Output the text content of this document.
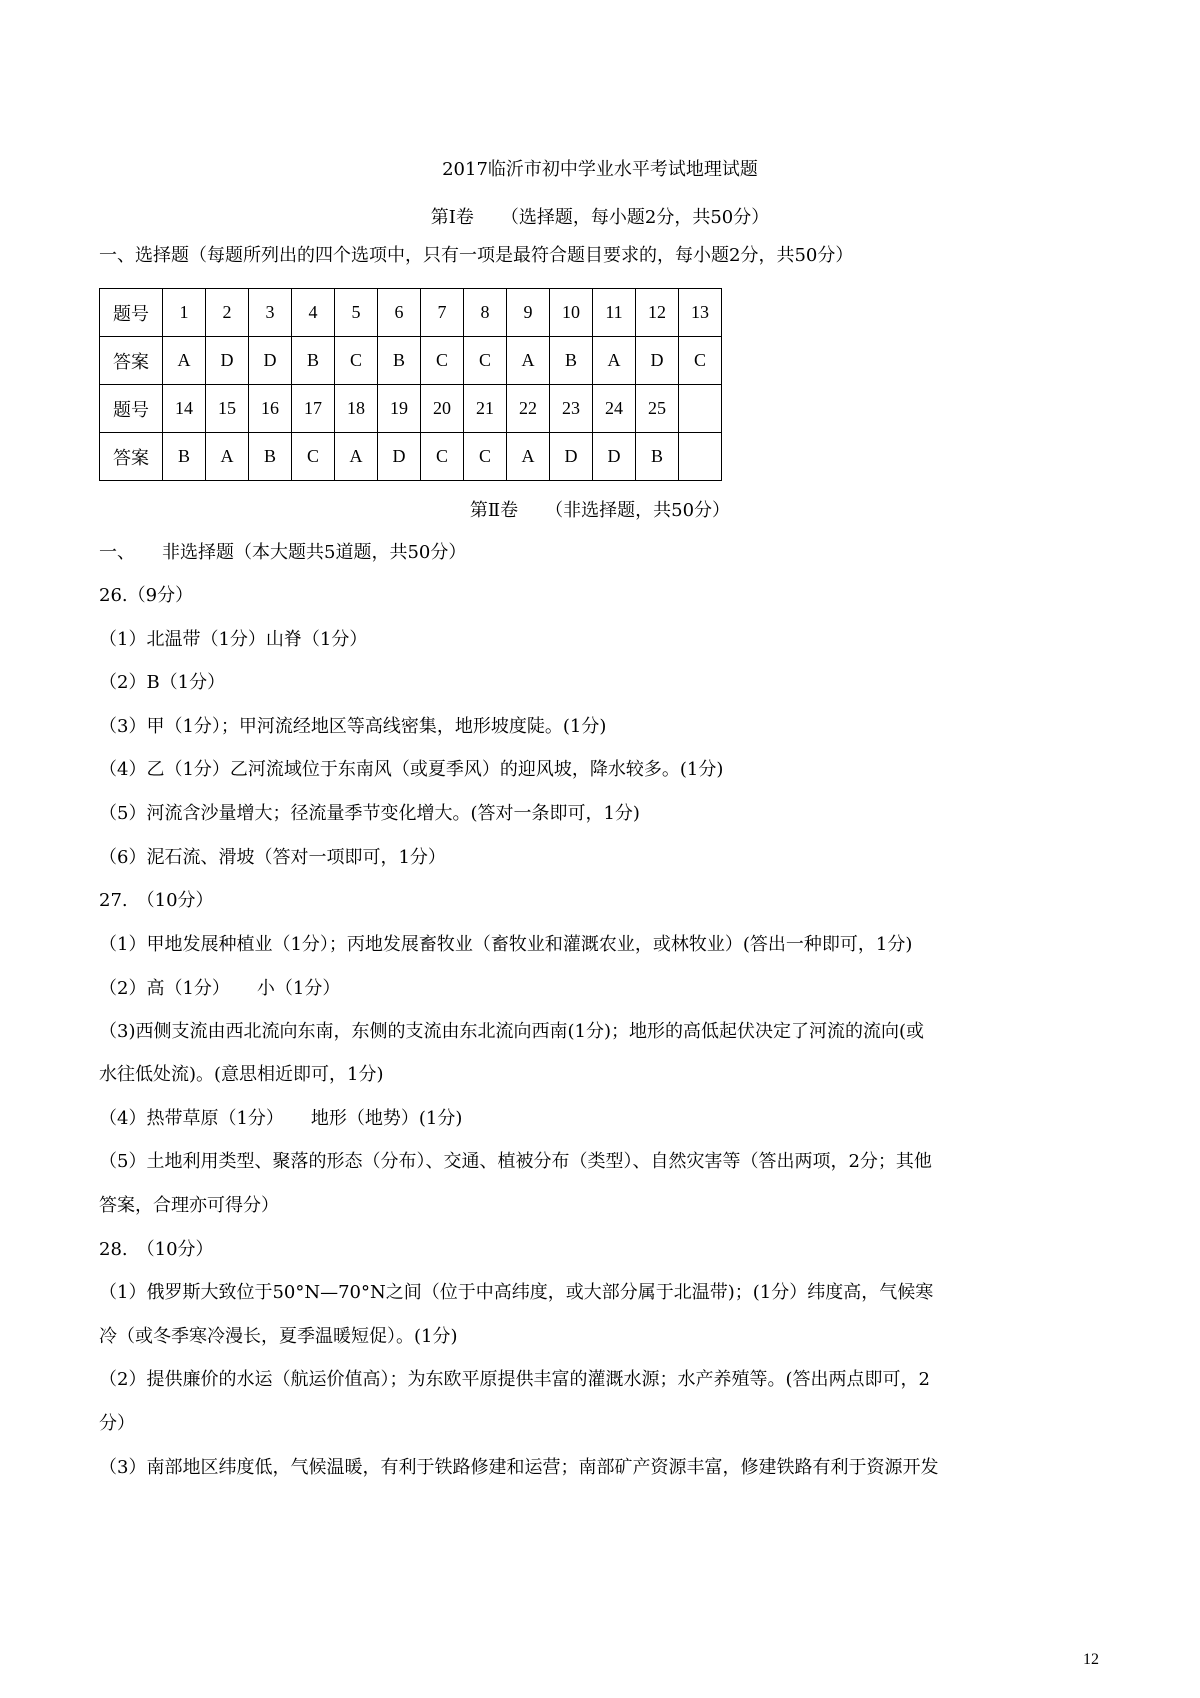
2017临沂市初中学业水平考试地理试题
第Ⅰ卷　　（选择题，每小题2分，共50分）
一、选择题（每题所列出的四个选项中，只有一项是最符合题目要求的，每小题2分，共50分）
题号	1	2	3	4	5	6	7	8	9	10	11	12	13
答案	A	D	D	B	C	B	C	C	A	B	A	D	C
题号	14	15	16	17	18	19	20	21	22	23	24	25	
答案	B	A	B	C	A	D	C	C	A	D	D	B	
第Ⅱ卷　　（非选择题，共50分）
一、　　非选择题（本大题共5道题，共50分）
26.（9分）
（1）北温带（1分）山脊（1分）
（2）B（1分）
（3）甲（1分）；甲河流经地区等高线密集，地形坡度陡。(1分)
（4）乙（1分）乙河流域位于东南风（或夏季风）的迎风坡，降水较多。(1分)
（5）河流含沙量增大；径流量季节变化增大。(答对一条即可，1分)
（6）泥石流、滑坡（答对一项即可，1分）
27.　（10分）
（1）甲地发展种植业（1分）；丙地发展畜牧业（畜牧业和灌溉农业，或林牧业）(答出一种即可，1分)
（2）高（1分）　　小（1分）
（3)西侧支流由西北流向东南，东侧的支流由东北流向西南(1分)；地形的高低起伏决定了河流的流向(或
水往低处流)。(意思相近即可，1分)
（4）热带草原（1分）　　地形（地势）(1分)
（5）土地利用类型、聚落的形态（分布）、交通、植被分布（类型）、自然灾害等（答出两项，2分；其他
答案，合理亦可得分）
28.　（10分）
（1）俄罗斯大致位于50°N—70°N之间（位于中高纬度，或大部分属于北温带)；(1分）纬度高，气候寒
冷（或冬季寒冷漫长，夏季温暖短促）。(1分)
（2）提供廉价的水运（航运价值高）；为东欧平原提供丰富的灌溉水源；水产养殖等。(答出两点即可，2
分）
（3）南部地区纬度低，气候温暖，有利于铁路修建和运营；南部矿产资源丰富，修建铁路有利于资源开发
12
